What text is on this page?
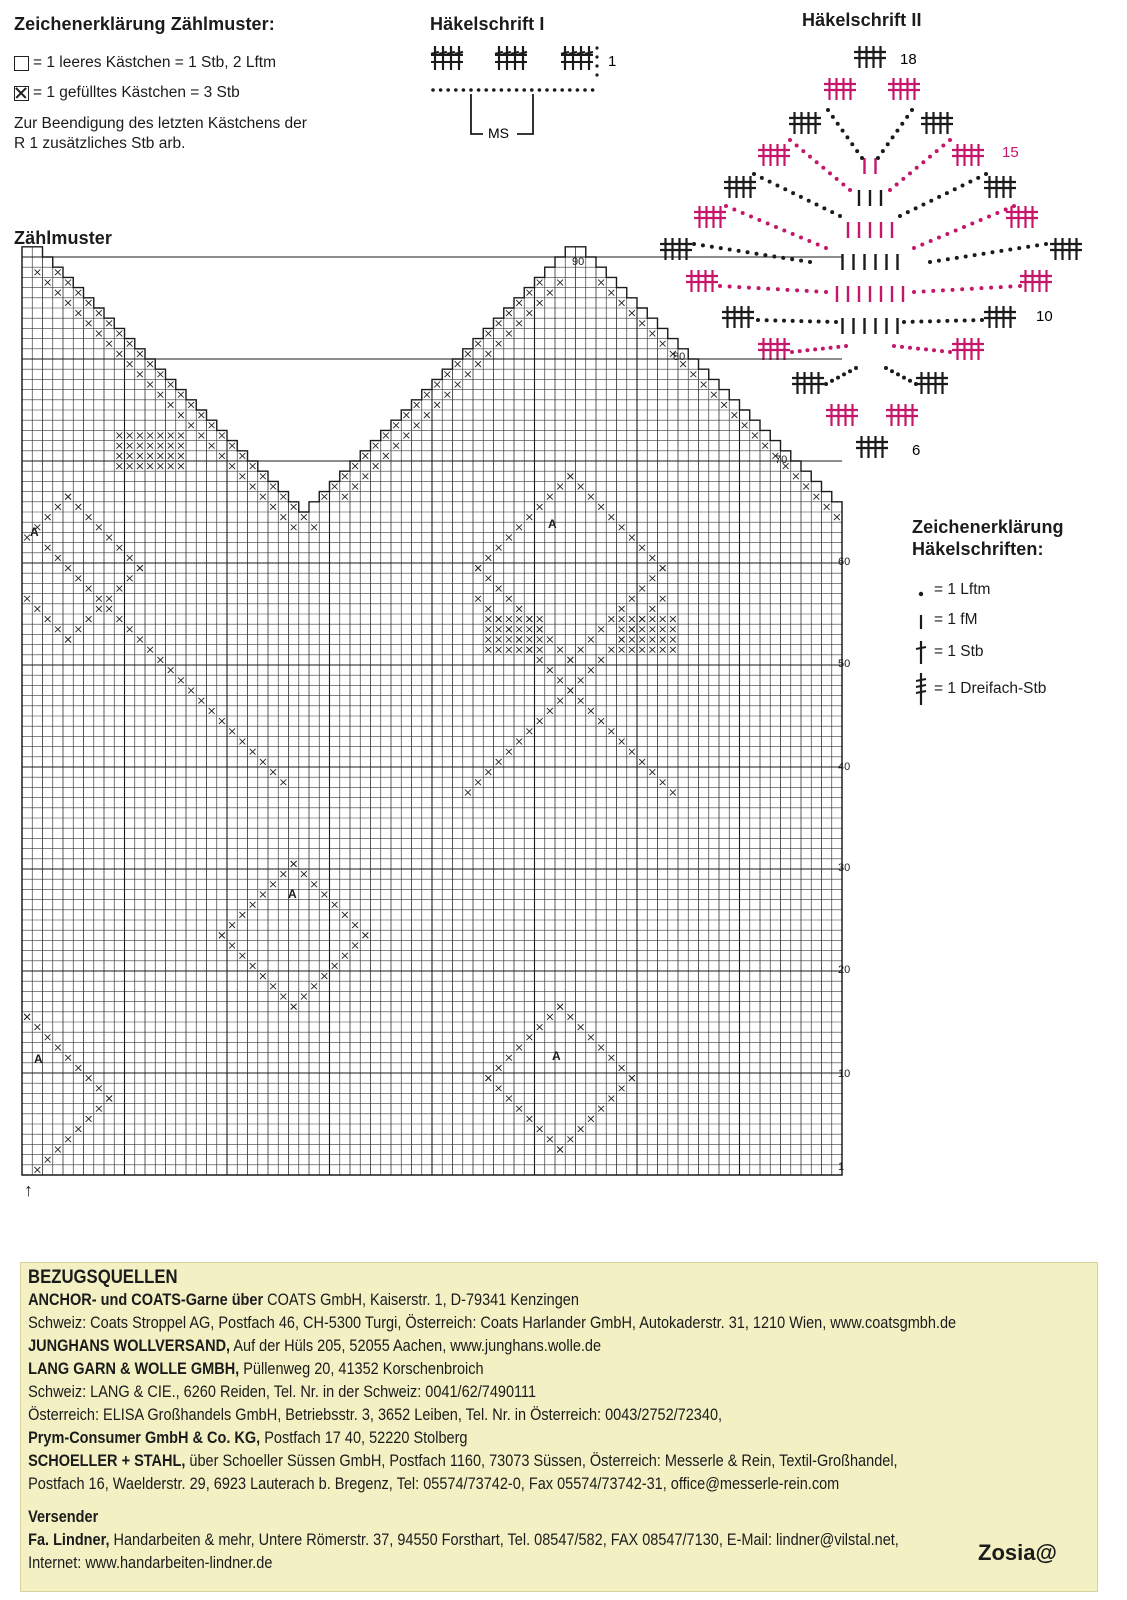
Zeichenerklärung Zählmuster:
= 1 leeres Kästchen = 1 Stb, 2 Lftm
= 1 gefülltes Kästchen = 3 Stb
Zur Beendigung des letzten Kästchens der
R 1 zusätzliches Stb arb.
Häkelschrift I
1
MS
Häkelschrift II
18
15
10
6
Zeichenerklärung
Häkelschriften:
= 1 Lftm
= 1 fM
= 1 Stb
= 1 Dreifach-Stb
Zählmuster
90
80
70
60
50
40
30
20
10
1
A
A
A
A	A
↑
BEZUGSQUELLEN
ANCHOR- und COATS-Garne über COATS GmbH, Kaiserstr. 1, D-79341 Kenzingen
Schweiz: Coats Stroppel AG, Postfach 46, CH-5300 Turgi, Österreich: Coats Harlander GmbH, Autokaderstr. 31, 1210 Wien, www.coatsgmbh.de
JUNGHANS WOLLVERSAND, Auf der Hüls 205, 52055 Aachen, www.junghans.wolle.de
LANG GARN & WOLLE GMBH, Püllenweg 20, 41352 Korschenbroich
Schweiz: LANG & CIE., 6260 Reiden, Tel. Nr. in der Schweiz: 0041/62/7490111
Österreich: ELISA Großhandels GmbH, Betriebsstr. 3, 3652 Leiben, Tel. Nr. in Österreich: 0043/2752/72340,
Prym-Consumer GmbH & Co. KG, Postfach 17 40, 52220 Stolberg
SCHOELLER + STAHL, über Schoeller Süssen GmbH, Postfach 1160, 73073 Süssen, Österreich: Messerle & Rein, Textil-Großhandel,
Postfach 16, Waelderstr. 29, 6923 Lauterach b. Bregenz, Tel: 05574/73742-0, Fax 05574/73742-31, office@messerle-rein.com
Versender
Fa. Lindner, Handarbeiten & mehr, Untere Römerstr. 37, 94550 Forsthart, Tel. 08547/582, FAX 08547/7130, E-Mail: lindner@vilstal.net,
Internet: www.handarbeiten-lindner.de	Zosia@
